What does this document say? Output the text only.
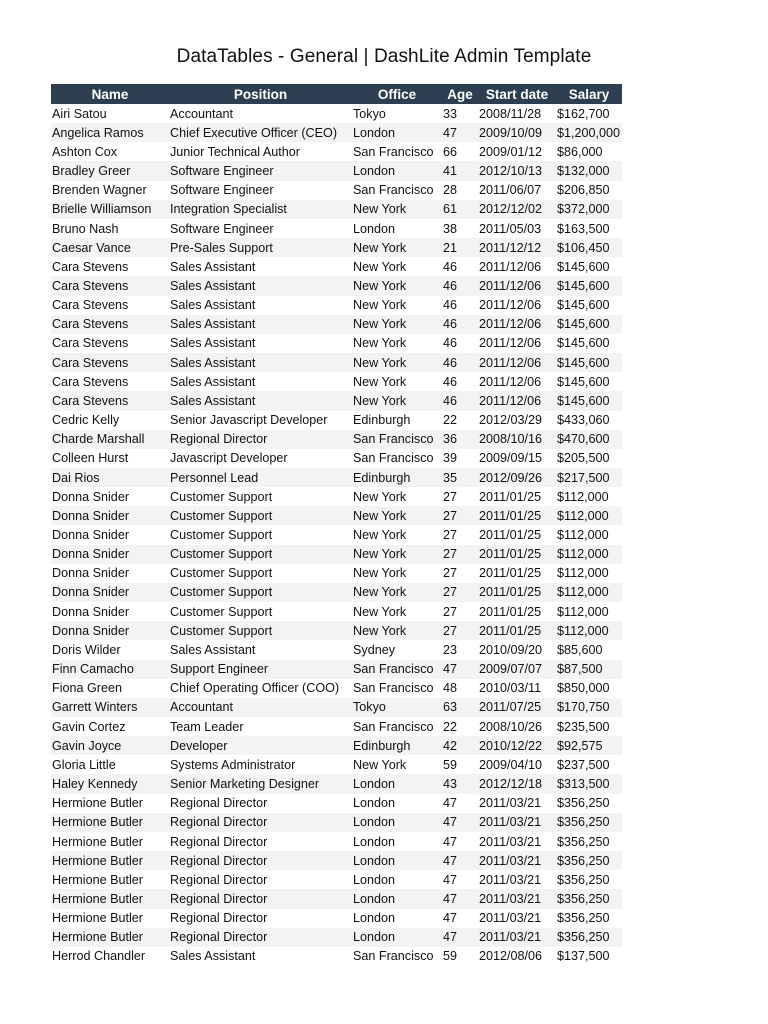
DataTables - General | DashLite Admin Template
Name	Position	Office	Age	Start date	Salary
Airi Satou	Accountant	Tokyo	33	2008/11/28	$162,700
Angelica Ramos	Chief Executive Officer (CEO)	London	47	2009/10/09	$1,200,000
Ashton Cox	Junior Technical Author	San Francisco	66	2009/01/12	$86,000
Bradley Greer	Software Engineer	London	41	2012/10/13	$132,000
Brenden Wagner	Software Engineer	San Francisco	28	2011/06/07	$206,850
Brielle Williamson	Integration Specialist	New York	61	2012/12/02	$372,000
Bruno Nash	Software Engineer	London	38	2011/05/03	$163,500
Caesar Vance	Pre-Sales Support	New York	21	2011/12/12	$106,450
Cara Stevens	Sales Assistant	New York	46	2011/12/06	$145,600
Cara Stevens	Sales Assistant	New York	46	2011/12/06	$145,600
Cara Stevens	Sales Assistant	New York	46	2011/12/06	$145,600
Cara Stevens	Sales Assistant	New York	46	2011/12/06	$145,600
Cara Stevens	Sales Assistant	New York	46	2011/12/06	$145,600
Cara Stevens	Sales Assistant	New York	46	2011/12/06	$145,600
Cara Stevens	Sales Assistant	New York	46	2011/12/06	$145,600
Cara Stevens	Sales Assistant	New York	46	2011/12/06	$145,600
Cedric Kelly	Senior Javascript Developer	Edinburgh	22	2012/03/29	$433,060
Charde Marshall	Regional Director	San Francisco	36	2008/10/16	$470,600
Colleen Hurst	Javascript Developer	San Francisco	39	2009/09/15	$205,500
Dai Rios	Personnel Lead	Edinburgh	35	2012/09/26	$217,500
Donna Snider	Customer Support	New York	27	2011/01/25	$112,000
Donna Snider	Customer Support	New York	27	2011/01/25	$112,000
Donna Snider	Customer Support	New York	27	2011/01/25	$112,000
Donna Snider	Customer Support	New York	27	2011/01/25	$112,000
Donna Snider	Customer Support	New York	27	2011/01/25	$112,000
Donna Snider	Customer Support	New York	27	2011/01/25	$112,000
Donna Snider	Customer Support	New York	27	2011/01/25	$112,000
Donna Snider	Customer Support	New York	27	2011/01/25	$112,000
Doris Wilder	Sales Assistant	Sydney	23	2010/09/20	$85,600
Finn Camacho	Support Engineer	San Francisco	47	2009/07/07	$87,500
Fiona Green	Chief Operating Officer (COO)	San Francisco	48	2010/03/11	$850,000
Garrett Winters	Accountant	Tokyo	63	2011/07/25	$170,750
Gavin Cortez	Team Leader	San Francisco	22	2008/10/26	$235,500
Gavin Joyce	Developer	Edinburgh	42	2010/12/22	$92,575
Gloria Little	Systems Administrator	New York	59	2009/04/10	$237,500
Haley Kennedy	Senior Marketing Designer	London	43	2012/12/18	$313,500
Hermione Butler	Regional Director	London	47	2011/03/21	$356,250
Hermione Butler	Regional Director	London	47	2011/03/21	$356,250
Hermione Butler	Regional Director	London	47	2011/03/21	$356,250
Hermione Butler	Regional Director	London	47	2011/03/21	$356,250
Hermione Butler	Regional Director	London	47	2011/03/21	$356,250
Hermione Butler	Regional Director	London	47	2011/03/21	$356,250
Hermione Butler	Regional Director	London	47	2011/03/21	$356,250
Hermione Butler	Regional Director	London	47	2011/03/21	$356,250
Herrod Chandler	Sales Assistant	San Francisco	59	2012/08/06	$137,500
